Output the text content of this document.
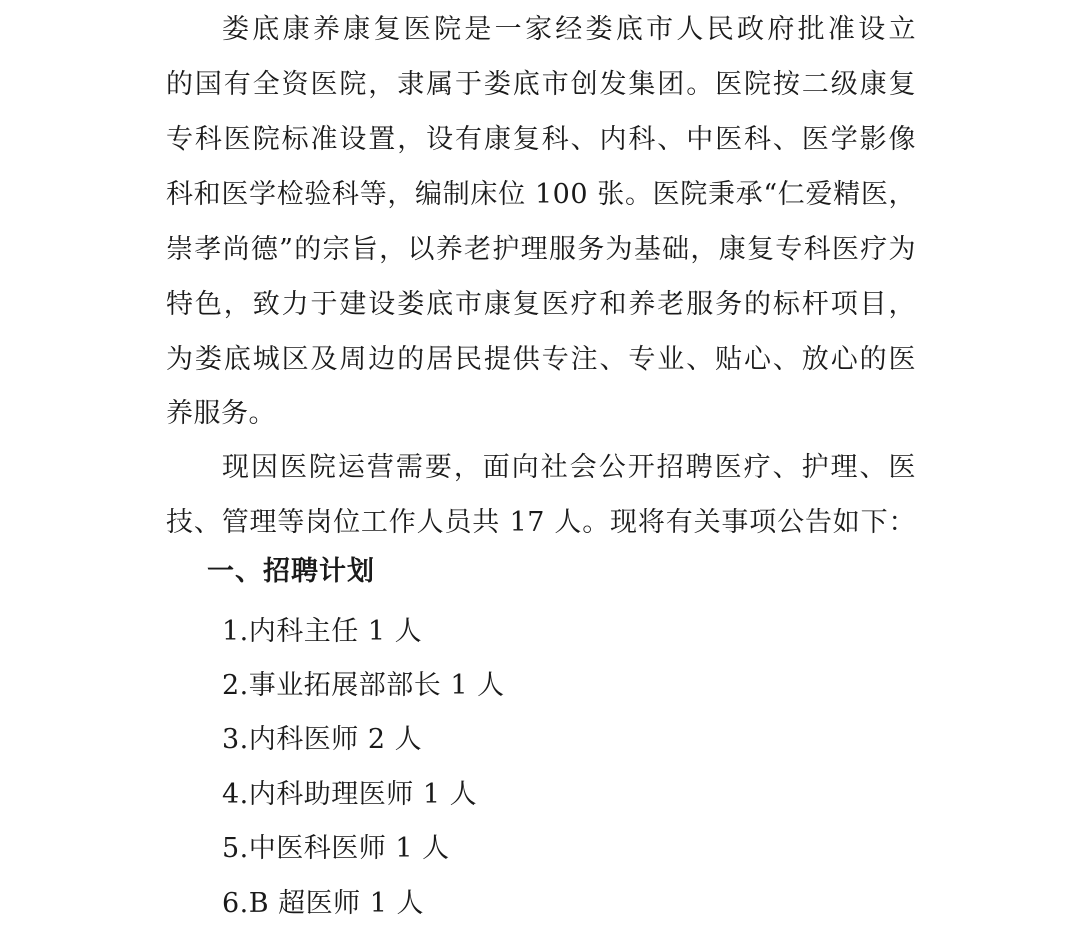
娄底康养康复医院是一家经娄底市人民政府批准设立
的国有全资医院，隶属于娄底市创发集团。医院按二级康复
专科医院标准设置，设有康复科、内科、中医科、医学影像
科和医学检验科等，编制床位 100 张。医院秉承“仁爱精医，
崇孝尚德”的宗旨，以养老护理服务为基础，康复专科医疗为
特色，致力于建设娄底市康复医疗和养老服务的标杆项目，
为娄底城区及周边的居民提供专注、专业、贴心、放心的医
养服务。
现因医院运营需要，面向社会公开招聘医疗、护理、医
技、管理等岗位工作人员共 17 人。现将有关事项公告如下：
一、招聘计划
1.内科主任 1 人
2.事业拓展部部长 1 人
3.内科医师 2 人
4.内科助理医师 1 人
5.中医科医师 1 人
6.B 超医师 1 人
